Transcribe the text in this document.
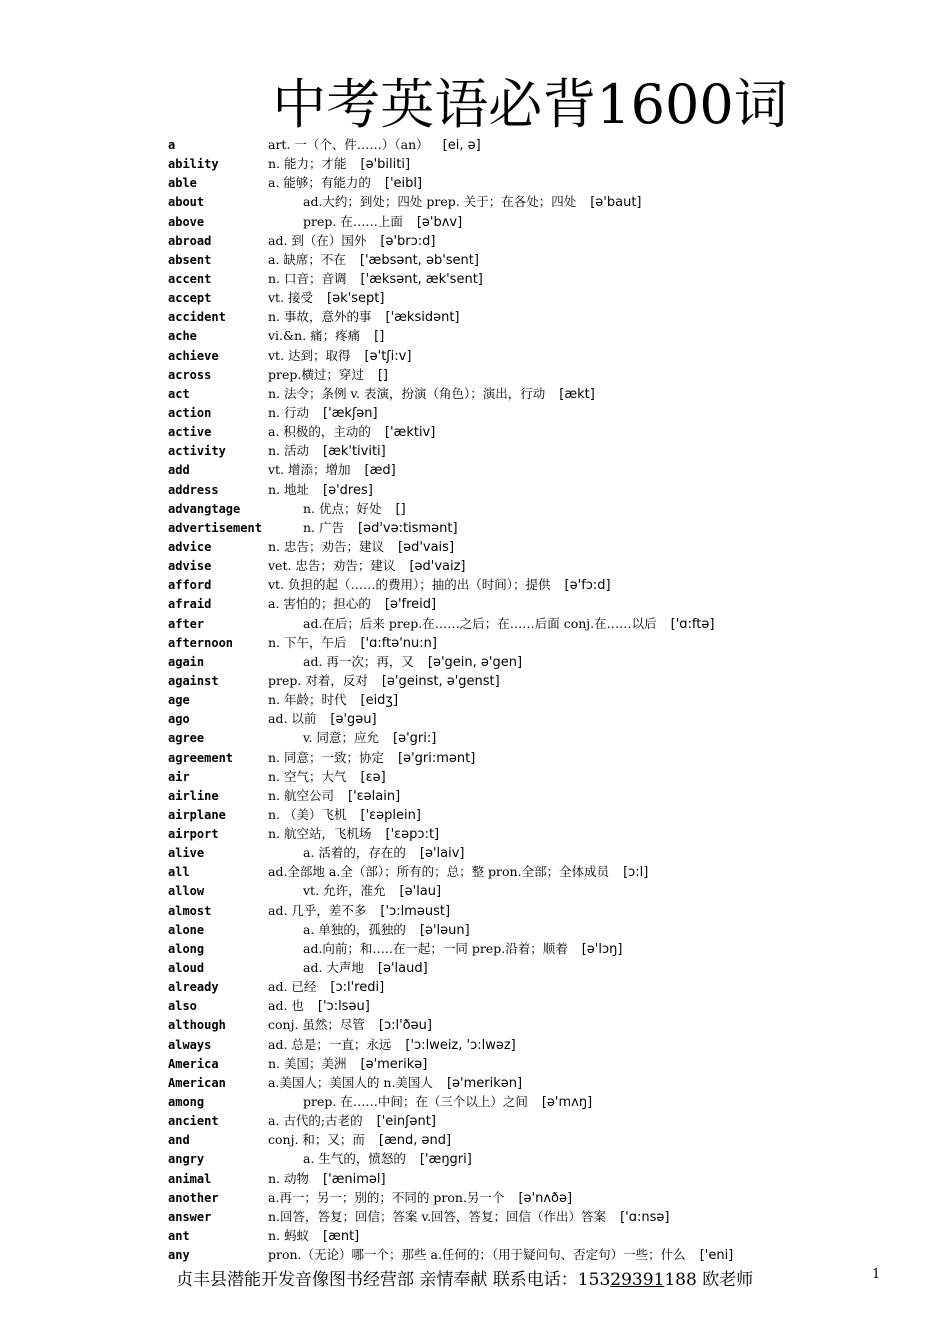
中考英语必背1600词
a	art. 一（个、件……）（an） [ei, ə]
ability	n. 能力；才能 [ə'biliti]
able	a. 能够；有能力的 ['eibl]
about	ad.大约；到处；四处 prep. 关于；在各处；四处 [ə'baut]
above	prep. 在……上面 [ə'bʌv]
abroad	ad. 到（在）国外 [ə'brɔ:d]
absent	a. 缺席；不在 ['æbsənt, əb'sent]
accent	n. 口音；音调 ['æksənt, æk'sent]
accept	vt. 接受 [ək'sept]
accident	n. 事故，意外的事 ['æksidənt]
ache	vi.&n. 痛；疼痛 []
achieve	vt. 达到；取得 [ə'tʃi:v]
across	prep.横过；穿过 []
act	n. 法令；条例 v. 表演，扮演（角色）；演出，行动 [ækt]
action	n. 行动 ['ækʃən]
active	a. 积极的，主动的 ['æktiv]
activity	n. 活动 [æk'tiviti]
add	vt. 增添；增加 [æd]
address	n. 地址 [ə'dres]
advangtage	n. 优点；好处 []
advertisement	n. 广告 [əd'və:tismənt]
advice	n. 忠告；劝告；建议 [əd'vais]
advise	vet. 忠告；劝告；建议 [əd'vaiz]
afford	vt. 负担的起（……的费用）；抽的出（时间）；提供 [ə'fɔ:d]
afraid	a. 害怕的；担心的 [ə'freid]
after	ad.在后；后来 prep.在……之后；在……后面 conj.在……以后 ['ɑ:ftə]
afternoon	n. 下午，午后 ['ɑ:ftə'nu:n]
again	ad. 再一次；再，又 [ə'gein, ə'gen]
against	prep. 对着，反对 [ə'geinst, ə'genst]
age	n. 年龄；时代 [eidʒ]
ago	ad. 以前 [ə'gəu]
agree	v. 同意；应允 [ə'gri:]
agreement	n. 同意；一致；协定 [ə'gri:mənt]
air	n. 空气；大气 [ɛə]
airline	n. 航空公司 ['ɛəlain]
airplane	n. （美）飞机 ['ɛəplein]
airport	n. 航空站，飞机场 ['ɛəpɔ:t]
alive	a. 活着的，存在的 [ə'laiv]
all	ad.全部地 a.全（部）；所有的；总；整 pron.全部；全体成员 [ɔ:l]
allow	vt. 允许，准允 [ə'lau]
almost	ad. 几乎，差不多 ['ɔ:lməust]
alone	a. 单独的，孤独的 [ə'ləun]
along	ad.向前；和…..在一起；一同 prep.沿着；顺着 [ə'lɔŋ]
aloud	ad. 大声地 [ə'laud]
already	ad. 已经 [ɔ:l'redi]
also	ad. 也 ['ɔ:lsəu]
although	conj. 虽然；尽管 [ɔ:l'ðəu]
always	ad. 总是；一直；永远 ['ɔ:lweiz, 'ɔ:lwəz]
America	n. 美国；美洲 [ə'merikə]
American	a.美国人；美国人的 n.美国人 [ə'merikən]
among	prep. 在……中间；在（三个以上）之间 [ə'mʌŋ]
ancient	a. 古代的;古老的 ['einʃənt]
and	conj. 和；又；而 [ænd, ənd]
angry	a. 生气的，愤怒的 ['æŋgri]
animal	n. 动物 ['æniməl]
another	a.再一；另一；别的；不同的 pron.另一个 [ə'nʌðə]
answer	n.回答，答复；回信；答案 v.回答，答复；回信（作出）答案 ['ɑ:nsə]
ant	n. 蚂蚁 [ænt]
any	pron.（无论）哪一个；那些 a.任何的；（用于疑问句、否定句）一些；什么 ['eni]
贞丰县潜能开发音像图书经营部 亲情奉献 联系电话：15329391188 欧老师	1
